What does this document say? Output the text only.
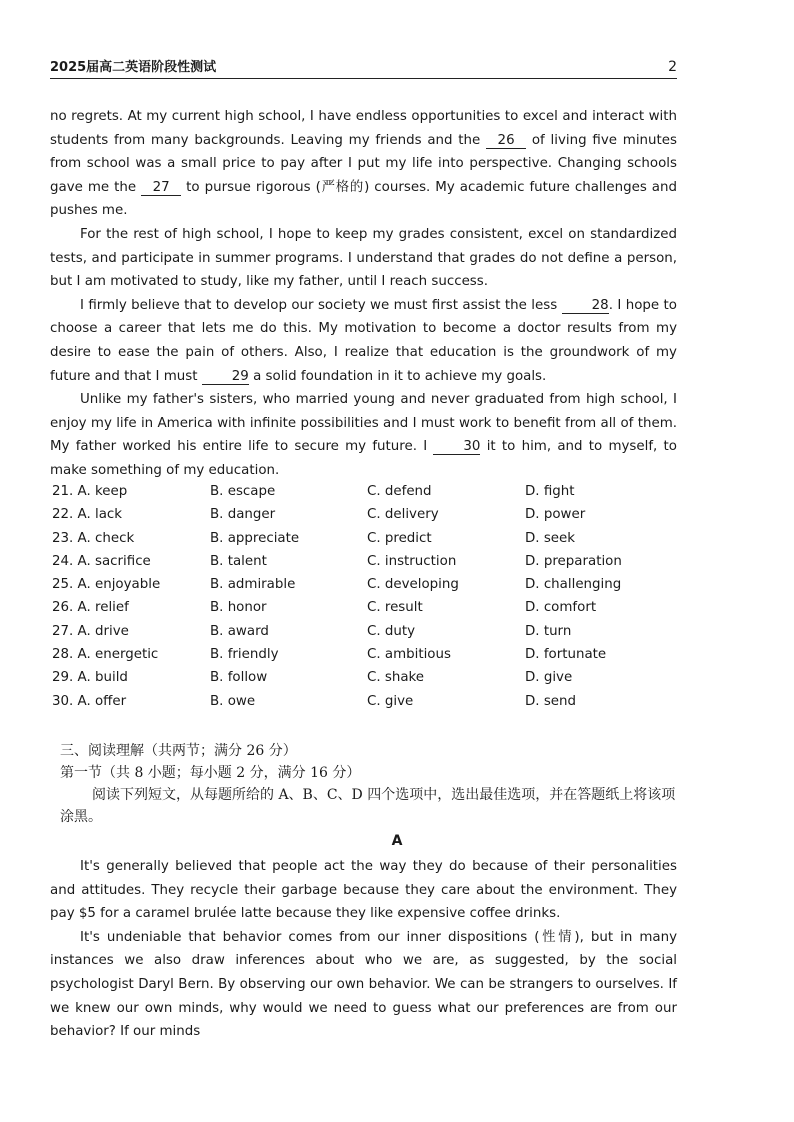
2025届高二英语阶段性测试	2

no regrets. At my current high school, I have endless opportunities to excel and interact with students from many backgrounds. Leaving my friends and the 26 of living five minutes from school was a small price to pay after I put my life into perspective. Changing schools gave me the 27 to pursue rigorous (严格的) courses. My academic future challenges and pushes me.

For the rest of high school, I hope to keep my grades consistent, excel on standardized tests, and participate in summer programs. I understand that grades do not define a person, but I am motivated to study, like my father, until I reach success.

I firmly believe that to develop our society we must first assist the less 28. I hope to choose a career that lets me do this. My motivation to become a doctor results from my desire to ease the pain of others. Also, I realize that education is the groundwork of my future and that I must 29 a solid foundation in it to achieve my goals.

Unlike my father's sisters, who married young and never graduated from high school, I enjoy my life in America with infinite possibilities and I must work to benefit from all of them. My father worked his entire life to secure my future. I 30 it to him, and to myself, to make something of my education.

21. A. keep	B. escape	C. defend	D. fight
22. A. lack	B. danger	C. delivery	D. power
23. A. check	B. appreciate	C. predict	D. seek
24. A. sacrifice	B. talent	C. instruction	D. preparation
25. A. enjoyable	B. admirable	C. developing	D. challenging
26. A. relief	B. honor	C. result	D. comfort
27. A. drive	B. award	C. duty	D. turn
28. A. energetic	B. friendly	C. ambitious	D. fortunate
29. A. build	B. follow	C. shake	D. give
30. A. offer	B. owe	C. give	D. send
三、阅读理解（共两节；满分 26 分）
第一节（共 8 小题；每小题 2 分，满分 16 分）

阅读下列短文，从每题所给的 A、B、C、D 四个选项中，选出最佳选项，并在答题纸上将该项涂黑。

A

It's generally believed that people act the way they do because of their personalities and attitudes. They recycle their garbage because they care about the environment. They pay $5 for a caramel brulée latte because they like expensive coffee drinks.

It's undeniable that behavior comes from our inner dispositions (性情), but in many instances we also draw inferences about who we are, as suggested, by the social psychologist Daryl Bern. By observing our own behavior. We can be strangers to ourselves. If we knew our own minds, why would we need to guess what our preferences are from our behavior? If our minds
